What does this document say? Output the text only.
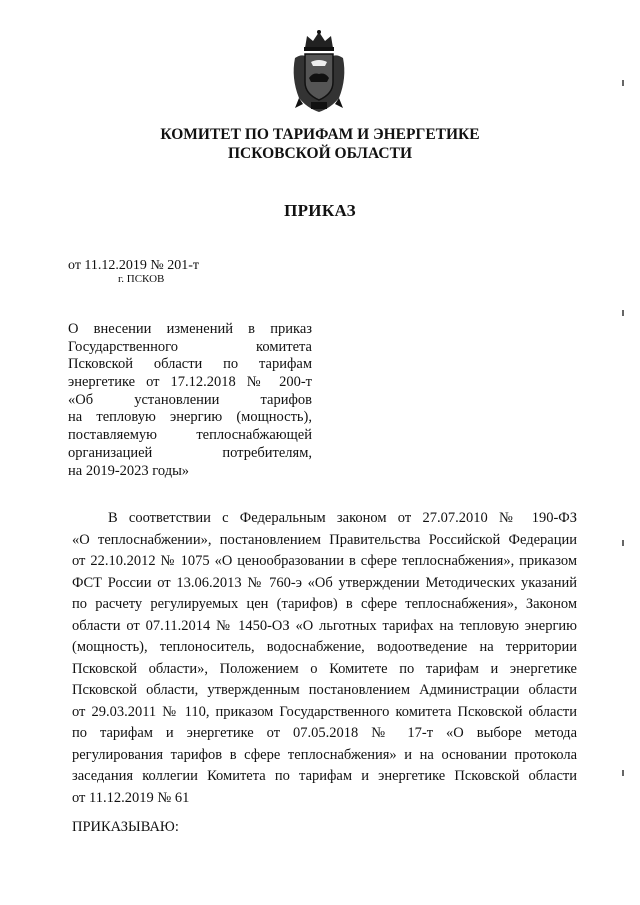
КОМИТЕТ ПО ТАРИФАМ И ЭНЕРГЕТИКЕ
ПСКОВСКОЙ ОБЛАСТИ
ПРИКАЗ
от 11.12.2019 № 201-т
г. ПСКОВ
О внесении изменений в приказ
Государственного комитета
Псковской области по тарифам
энергетике от 17.12.2018 № 200-т
«Об установлении тарифов
на тепловую энергию (мощность),
поставляемую теплоснабжающей
организацией потребителям,
на 2019-2023 годы»
В соответствии с Федеральным законом от 27.07.2010 № 190-ФЗ
«О теплоснабжении», постановлением Правительства Российской Федерации
от 22.10.2012 № 1075 «О ценообразовании в сфере теплоснабжения», приказом
ФСТ России от 13.06.2013 № 760-э «Об утверждении Методических указаний
по расчету регулируемых цен (тарифов) в сфере теплоснабжения», Законом
области от 07.11.2014 № 1450-ОЗ «О льготных тарифах на тепловую энергию
(мощность), теплоноситель, водоснабжение, водоотведение на территории
Псковской области», Положением о Комитете по тарифам и энергетике
Псковской области, утвержденным постановлением Администрации области
от 29.03.2011 № 110, приказом Государственного комитета Псковской области
по тарифам и энергетике от 07.05.2018 № 17-т «О выборе метода
регулирования тарифов в сфере теплоснабжения» и на основании протокола
заседания коллегии Комитета по тарифам и энергетике Псковской области
от 11.12.2019 № 61
ПРИКАЗЫВАЮ:
